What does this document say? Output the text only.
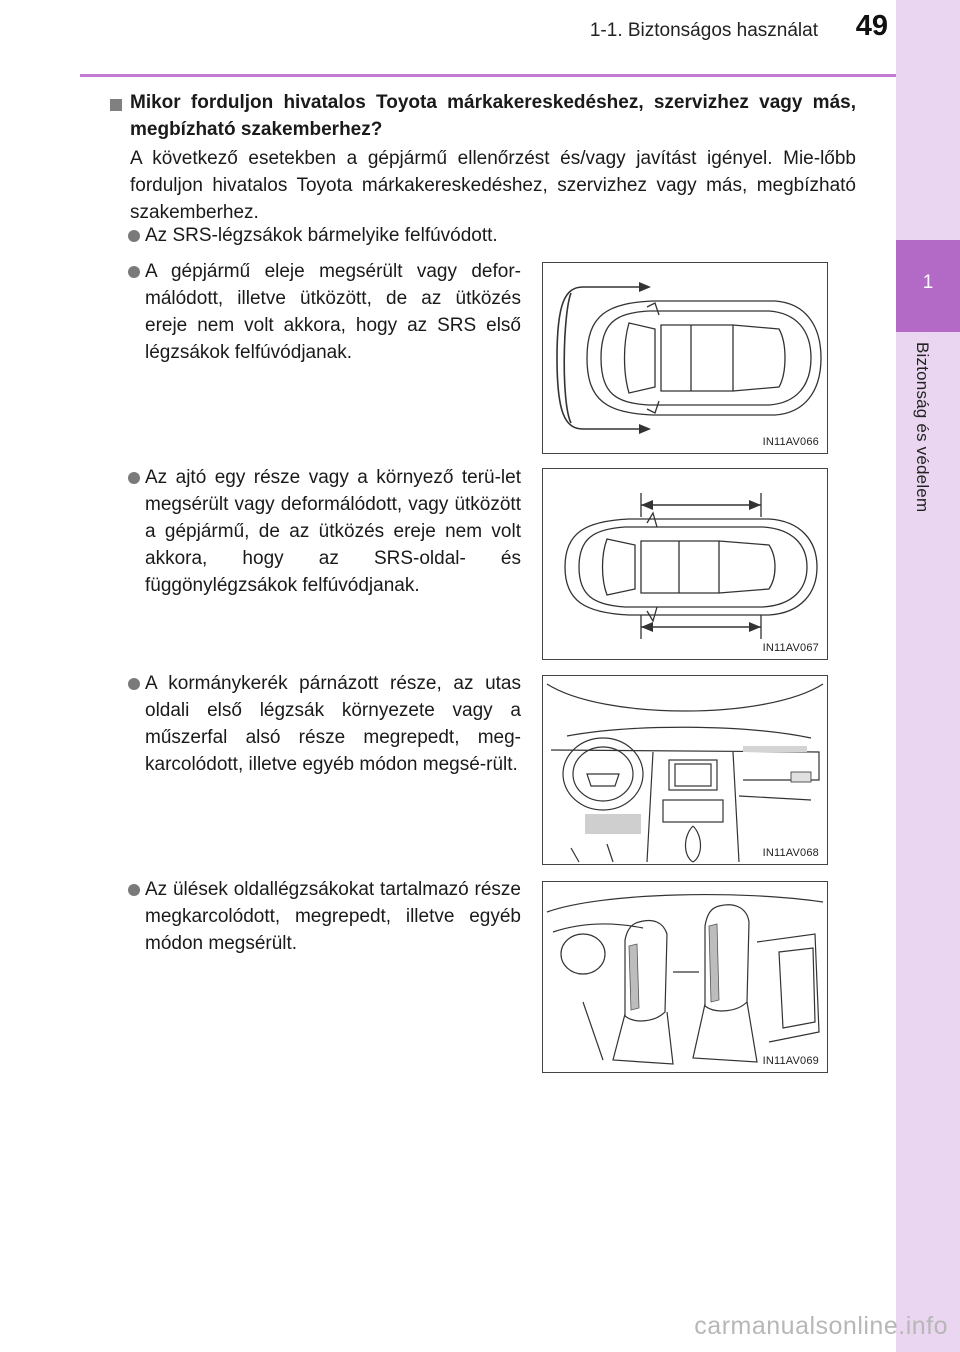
1-1. Biztonságos használat	49
1
Biztonság és védelem

Mikor forduljon hivatalos Toyota márkakereskedéshez, szervizhez vagy más, megbízható szakemberhez?

A következő esetekben a gépjármű ellenőrzést és/vagy javítást igényel. Mie-lőbb forduljon hivatalos Toyota márkakereskedéshez, szervizhez vagy más, megbízható szakemberhez.

Az SRS-légzsákok bármelyike felfúvódott.

A gépjármű eleje megsérült vagy defor-málódott, illetve ütközött, de az ütközés ereje nem volt akkora, hogy az SRS első légzsákok felfúvódjanak.

IN11AV066

Az ajtó egy része vagy a környező terü-let megsérült vagy deformálódott, vagy ütközött a gépjármű, de az ütközés ereje nem volt akkora, hogy az SRS-oldal- és függönylégzsákok felfúvódjanak.

IN11AV067

A kormánykerék párnázott része, az utas oldali első légzsák környezete vagy a műszerfal alsó része megrepedt, meg-karcolódott, illetve egyéb módon megsé-rült.

IN11AV068

Az ülések oldallégzsákokat tartalmazó része megkarcolódott, megrepedt, illetve egyéb módon megsérült.

IN11AV069
carmanualsonline.info
